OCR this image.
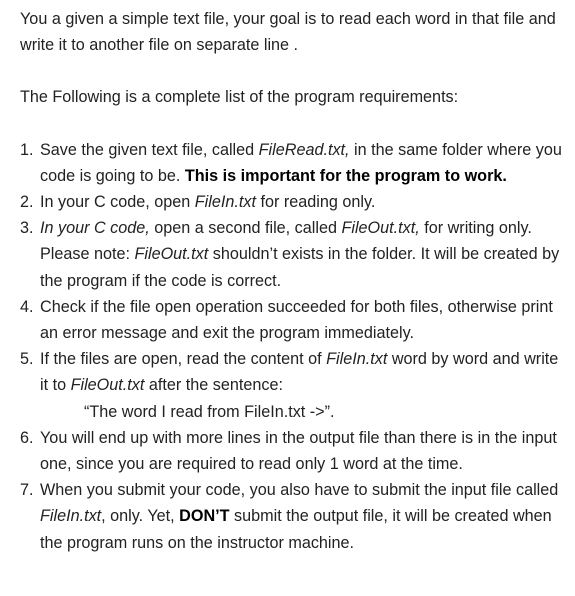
You a given a simple text file, your goal is to read each word in that file and write it to another file on separate line .

The Following is a complete list of the program requirements:

1. Save the given text file, called FileRead.txt, in the same folder where you code is going to be. This is important for the program to work.
2. In your C code, open FileIn.txt for reading only.
3. In your C code, open a second file, called FileOut.txt, for writing only. Please note: FileOut.txt shouldn’t exists in the folder. It will be created by the program if the code is correct.
4. Check if the file open operation succeeded for both files, otherwise print an error message and exit the program immediately.
5. If the files are open, read the content of FileIn.txt word by word and write it to FileOut.txt after the sentence:
“The word I read from FileIn.txt ->”.
6. You will end up with more lines in the output file than there is in the input one, since you are required to read only 1 word at the time.
7. When you submit your code, you also have to submit the input file called FileIn.txt, only. Yet, DON’T submit the output file, it will be created when the program runs on the instructor machine.
